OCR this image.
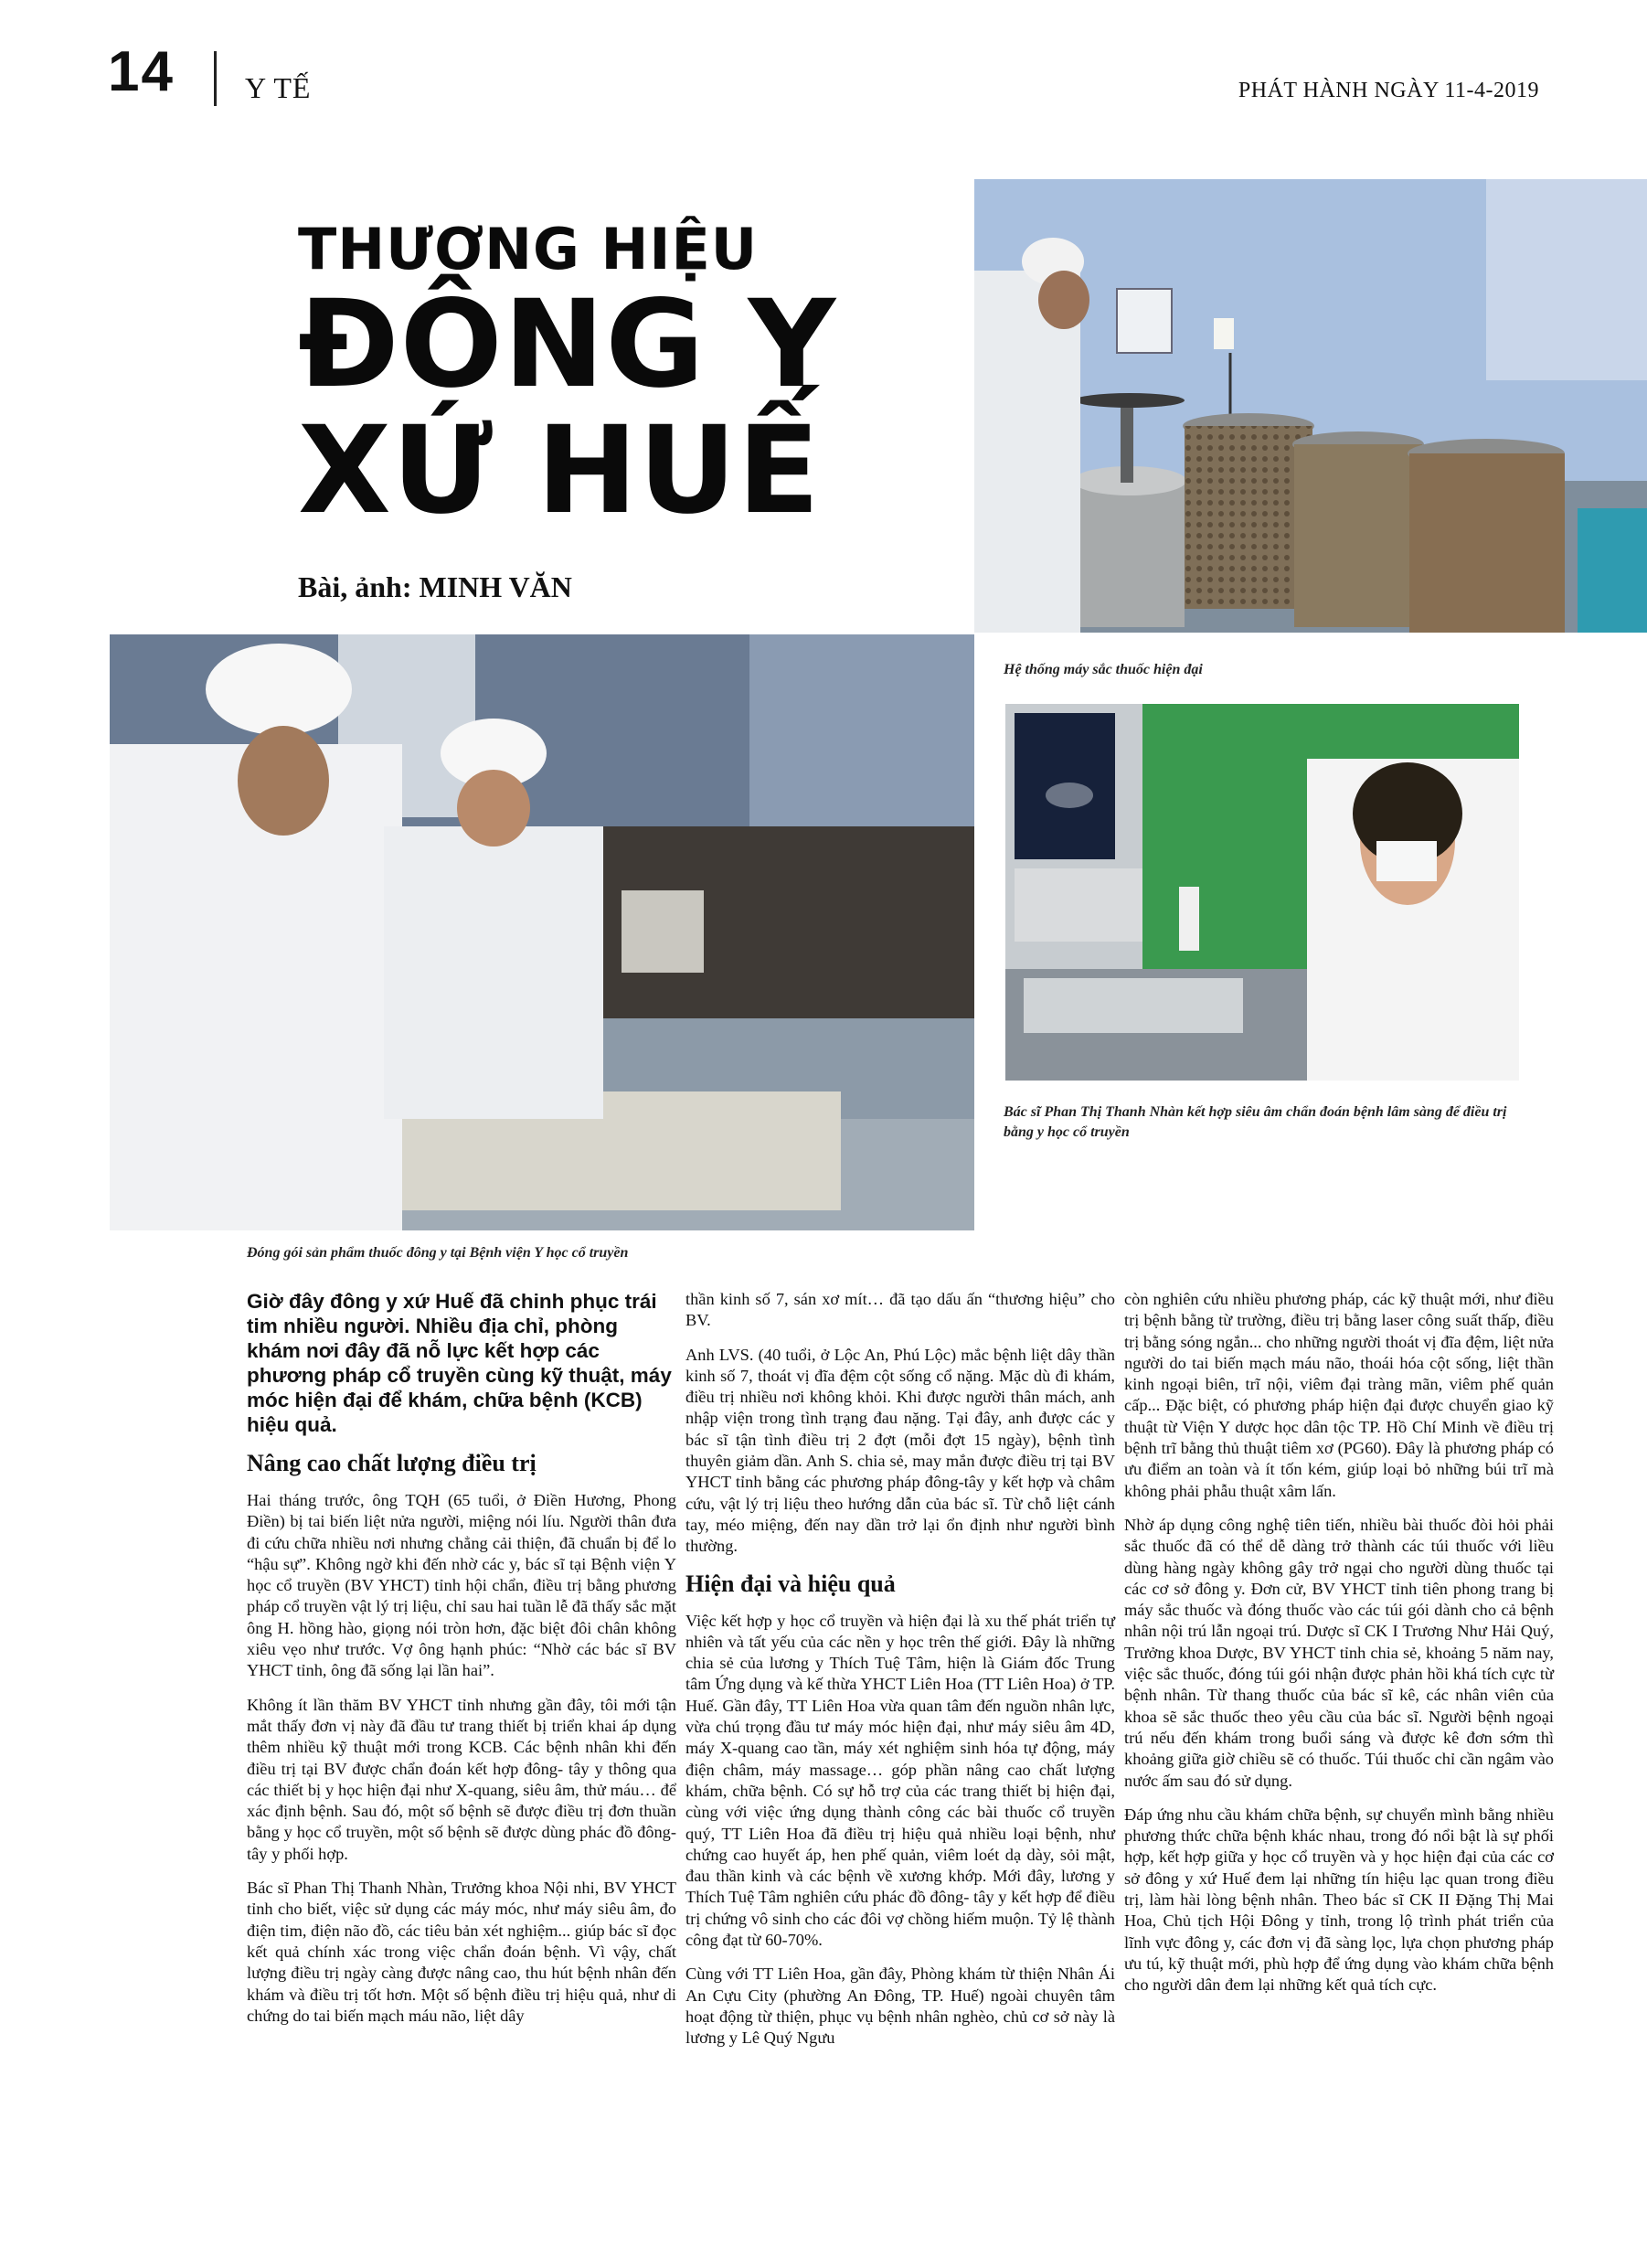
14 Y TẾ	PHÁT HÀNH NGÀY 11-4-2019
THƯƠNG HIỆU
ĐÔNG Y
XỨ HUẾ
Bài, ảnh: MINH VĂN
Đóng gói sản phẩm thuốc đông y tại Bệnh viện Y học cổ truyền
Hệ thống máy sắc thuốc hiện đại
Bác sĩ Phan Thị Thanh Nhàn kết hợp siêu âm chẩn đoán bệnh lâm sàng để điều trị bằng y học cổ truyền

Giờ đây đông y xứ Huế đã chinh phục trái tim nhiều người. Nhiều địa chỉ, phòng khám nơi đây đã nỗ lực kết hợp các phương pháp cổ truyền cùng kỹ thuật, máy móc hiện đại để khám, chữa bệnh (KCB) hiệu quả.

Nâng cao chất lượng điều trị

Hai tháng trước, ông TQH (65 tuổi, ở Điền Hương, Phong Điền) bị tai biến liệt nửa người, miệng nói líu. Người thân đưa đi cứu chữa nhiều nơi nhưng chẳng cải thiện, đã chuẩn bị để lo “hậu sự”. Không ngờ khi đến nhờ các y, bác sĩ tại Bệnh viện Y học cổ truyền (BV YHCT) tỉnh hội chẩn, điều trị bằng phương pháp cổ truyền vật lý trị liệu, chỉ sau hai tuần lễ đã thấy sắc mặt ông H. hồng hào, giọng nói tròn hơn, đặc biệt đôi chân không xiêu vẹo như trước. Vợ ông hạnh phúc: “Nhờ các bác sĩ BV YHCT tỉnh, ông đã sống lại lần hai”.

Không ít lần thăm BV YHCT tỉnh nhưng gần đây, tôi mới tận mắt thấy đơn vị này đã đầu tư trang thiết bị triển khai áp dụng thêm nhiều kỹ thuật mới trong KCB. Các bệnh nhân khi đến điều trị tại BV được chẩn đoán kết hợp đông- tây y thông qua các thiết bị y học hiện đại như X-quang, siêu âm, thử máu… để xác định bệnh. Sau đó, một số bệnh sẽ được điều trị đơn thuần bằng y học cổ truyền, một số bệnh sẽ được dùng phác đồ đông- tây y phối hợp.

Bác sĩ Phan Thị Thanh Nhàn, Trưởng khoa Nội nhi, BV YHCT tỉnh cho biết, việc sử dụng các máy móc, như máy siêu âm, đo điện tim, điện não đồ, các tiêu bản xét nghiệm... giúp bác sĩ đọc kết quả chính xác trong việc chẩn đoán bệnh. Vì vậy, chất lượng điều trị ngày càng được nâng cao, thu hút bệnh nhân đến khám và điều trị tốt hơn. Một số bệnh điều trị hiệu quả, như di chứng do tai biến mạch máu não, liệt dây

thần kinh số 7, sán xơ mít… đã tạo dấu ấn “thương hiệu” cho BV.

Anh LVS. (40 tuổi, ở Lộc An, Phú Lộc) mắc bệnh liệt dây thần kinh số 7, thoát vị đĩa đệm cột sống cổ nặng. Mặc dù đi khám, điều trị nhiều nơi không khỏi. Khi được người thân mách, anh nhập viện trong tình trạng đau nặng. Tại đây, anh được các y bác sĩ tận tình điều trị 2 đợt (mỗi đợt 15 ngày), bệnh tình thuyên giảm dần. Anh S. chia sẻ, may mắn được điều trị tại BV YHCT tỉnh bằng các phương pháp đông-tây y kết hợp và châm cứu, vật lý trị liệu theo hướng dẫn của bác sĩ. Từ chỗ liệt cánh tay, méo miệng, đến nay dần trở lại ổn định như người bình thường.

Hiện đại và hiệu quả

Việc kết hợp y học cổ truyền và hiện đại là xu thế phát triển tự nhiên và tất yếu của các nền y học trên thế giới. Đây là những chia sẻ của lương y Thích Tuệ Tâm, hiện là Giám đốc Trung tâm Ứng dụng và kế thừa YHCT Liên Hoa (TT Liên Hoa) ở TP. Huế. Gần đây, TT Liên Hoa vừa quan tâm đến nguồn nhân lực, vừa chú trọng đầu tư máy móc hiện đại, như máy siêu âm 4D, máy X-quang cao tần, máy xét nghiệm sinh hóa tự động, máy điện châm, máy massage… góp phần nâng cao chất lượng khám, chữa bệnh. Có sự hỗ trợ của các trang thiết bị hiện đại, cùng với việc ứng dụng thành công các bài thuốc cổ truyền quý, TT Liên Hoa đã điều trị hiệu quả nhiều loại bệnh, như chứng cao huyết áp, hen phế quản, viêm loét dạ dày, sỏi mật, đau thần kinh và các bệnh về xương khớp. Mới đây, lương y Thích Tuệ Tâm nghiên cứu phác đồ đông- tây y kết hợp để điều trị chứng vô sinh cho các đôi vợ chồng hiếm muộn. Tỷ lệ thành công đạt từ 60-70%.

Cùng với TT Liên Hoa, gần đây, Phòng khám từ thiện Nhân Ái An Cựu City (phường An Đông, TP. Huế) ngoài chuyên tâm hoạt động từ thiện, phục vụ bệnh nhân nghèo, chủ cơ sở này là lương y Lê Quý Ngưu

còn nghiên cứu nhiều phương pháp, các kỹ thuật mới, như điều trị bệnh bằng từ trường, điều trị bằng laser công suất thấp, điều trị bằng sóng ngắn... cho những người thoát vị đĩa đệm, liệt nửa người do tai biến mạch máu não, thoái hóa cột sống, liệt thần kinh ngoại biên, trĩ nội, viêm đại tràng mãn, viêm phế quản cấp... Đặc biệt, có phương pháp hiện đại được chuyển giao kỹ thuật từ Viện Y dược học dân tộc TP. Hồ Chí Minh về điều trị bệnh trĩ bằng thủ thuật tiêm xơ (PG60). Đây là phương pháp có ưu điểm an toàn và ít tốn kém, giúp loại bỏ những búi trĩ mà không phải phẫu thuật xâm lấn.

Nhờ áp dụng công nghệ tiên tiến, nhiều bài thuốc đòi hỏi phải sắc thuốc đã có thể dễ dàng trở thành các túi thuốc với liều dùng hàng ngày không gây trở ngại cho người dùng thuốc tại các cơ sở đông y. Đơn cử, BV YHCT tỉnh tiên phong trang bị máy sắc thuốc và đóng thuốc vào các túi gói dành cho cả bệnh nhân nội trú lẫn ngoại trú. Dược sĩ CK I Trương Như Hải Quý, Trưởng khoa Dược, BV YHCT tỉnh chia sẻ, khoảng 5 năm nay, việc sắc thuốc, đóng túi gói nhận được phản hồi khá tích cực từ bệnh nhân. Từ thang thuốc của bác sĩ kê, các nhân viên của khoa sẽ sắc thuốc theo yêu cầu của bác sĩ. Người bệnh ngoại trú nếu đến khám trong buổi sáng và được kê đơn sớm thì khoảng giữa giờ chiều sẽ có thuốc. Túi thuốc chỉ cần ngâm vào nước ấm sau đó sử dụng.

Đáp ứng nhu cầu khám chữa bệnh, sự chuyển mình bằng nhiều phương thức chữa bệnh khác nhau, trong đó nổi bật là sự phối hợp, kết hợp giữa y học cổ truyền và y học hiện đại của các cơ sở đông y xứ Huế đem lại những tín hiệu lạc quan trong điều trị, làm hài lòng bệnh nhân. Theo bác sĩ CK II Đặng Thị Mai Hoa, Chủ tịch Hội Đông y tỉnh, trong lộ trình phát triển của lĩnh vực đông y, các đơn vị đã sàng lọc, lựa chọn phương pháp ưu tú, kỹ thuật mới, phù hợp để ứng dụng vào khám chữa bệnh cho người dân đem lại những kết quả tích cực.
